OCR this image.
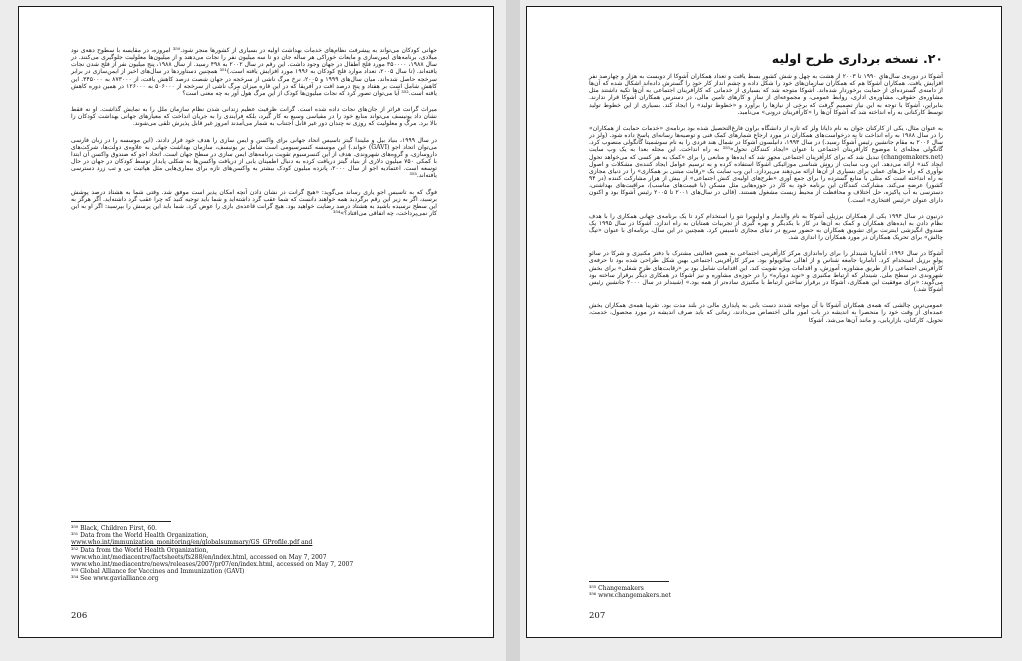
جهانی کودکان می‌تواند به پیشرفت نظام‌های خدمات بهداشت اولیه در بسیاری از کشورها منجر شود.³⁵⁰ امروزه، در مقایسه با سطوح دهه‌ی نود میلادی، برنامه‌های ایمن‌سازی و مایعات خوراکی هر ساله جان دو تا سه میلیون نفر را نجات می‌دهند و از میلیون‌ها معلولیت جلوگیری می‌کنند. در سال ۱۹۸۸، ۳۵۰۰۰۰ مورد فلج اطفال در جهان وجود داشت. این رقم در سال ۲۰۰۲ به ۴۹۸ رسید. از سال ۱۹۸۸، پنج میلیون نفر از فلج شدن نجات یافته‌اند. (تا سال ۲۰۰۵، تعداد موارد فلج کودکان به ۱۹۹۶ مورد افزایش یافته است.)³⁵¹ همچنین دستاوردها در سال‌های اخیر از ایمن‌سازی در برابر سرخجه حاصل شده‌اند. میان سال‌های ۱۹۹۹ و ۲۰۰۵، نرخ مرگ ناشی از سرخجه در جهان شصت درصد کاهش یافت، از ۸۷۳۰۰۰ به ۳۴۵۰۰۰. این کاهش شامل است بر هفتاد و پنج درصد افت در آفریقا که در این قاره میزان مرگ ناشی از سرخجه از ۵۰۶۰۰۰ به ۱۲۶۰۰۰ در همین دوره کاهش یافته است.³⁵² آیا می‌توان تصور کرد که نجات میلیون‌ها کودک از این مرگ هول آور به چه معنی است؟

میراث گرانت فراتر از جان‌های نجات داده شده است. گرانت ظرفیت عظیم زندانی شدن نظام سازمان ملل را به نمایش گذاشت. او نه فقط نشان داد یونیسف می‌تواند منابع خود را در مقیاسی وسیع به کار گیرد، بلکه فرایندی را به جریان انداخت که معیارهای جهانی بهداشت کودکان را بالا برد. مرگ و معلولیت که روزی نه چندان دور غیر قابل اجتناب به شمار می‌آمدند امروز غیر قابل پذیرش تلقی می‌شوند.

در سال ۱۹۹۹، بنیاد بیل و ملیندا گیتز تاسیس اتحاد جهانی برای واکسن و ایمن سازی را هدف خود قرار دادند. (این موسسه را در زبان فارسی می‌توان اتحاد اجو (GAVI) خواند.) این موسسه کنسرسیومی است شامل بر یونیسف، سازمان بهداشت جهانی به علاوه‌ی دولت‌ها، شرکت‌های داروسازی، و گروه‌های شهروندی. هدف از این کنسرسیوم تقویت برنامه‌های ایمن سازی در سطح جهان است. اتحاد اجو که صندوق واکسن آن ابتدا با کمکی ۷۵۰ میلیون دلاری از بنیاد گیتز دریافت کرده به دنبال اطمینان یابی از دریافت واکسن‌ها به شکلی پایدار توسط کودکان در جهان در حال توسعه است. اعتمادیه اجو از سال ۲۰۰۰، پانزده میلیون کودک بیشتر به واکسن‌های تازه برای بیماری‌هایی مثل هپاتیت بی و تب زرد دسترسی یافته‌اند.³⁵³

فوگ که به تاسیس اجو یاری رساند می‌گوید: «هیچ گرانت در نشان دادن آنچه امکان پذیر است موفق شد. وقتی شما به هشتاد درصد پوشش برسید، اگر به زیر این رقم برگردید همه خواهند دانست که شما عقب گرد داشته‌اید و شما باید توجیه کنید که چرا عقب گرد داشته‌اید. اگر هرگز به این سطح نرسیده باشید به هشتاد درصد رضایت خواهید بود. هیچ گرانت قاعده‌ی بازی را عوض کرد. شما باید این پرسش را بپرسید: اگر او به این کار نمی‌پرداخت، چه اتفاقی می‌افتاد؟»³⁵⁴

³⁵⁰ Black, Children First, 60.

³⁵¹ Data from the World Health Organization,

www.who.int/immunization_monitoring/en/globalsummary/GS_GProfile.pdf and

³⁵² Data from the World Health Organization,

www.who.int/mediacentre/factsheets/fs288/en/index.html, accessed on May 7, 2007

www.who.int/mediacentre/news/releases/2007/pr07/en/index.html, accessed on May 7, 2007

³⁵³ Global Alliance for Vaccines and Immunization (GAVI)

³⁵⁴ See www.gavialliance.org

206
۲۰. نسخه برداری طرح اولیه

آشوکا در دوره‌ی سال‌های ۱۹۹۰ تا ۲۰۰۳ از هشت به چهل و شش کشور بسط یافت و تعداد همکاران آشوکا از دویست به هزار و چهارصد نفر افزایش یافت. همکاران آشوکا هم که همکاران سازمان‌های خود را شکل داده و چشم انداز کار خود را گسترش داده‌اند اشکال شده که آن‌ها از دامنه‌ی گسترده‌ای از حمایت برخوردار شده‌اند. آشوکا متوجه شد که بسیاری از خدماتی که کارآفرینان اجتماعی به آن‌ها تکیه داشتند مثل مشاوره‌ی حقوقی، مشاوره‌ی اداری، روابط عمومی، و مجموعه‌ای از ساز و کارهای تامین مالی، در دسترس همکاران آشوکا قرار ندارند. بنابراین، آشوکا با توجه به این نیاز تصمیم گرفت که برخی از نیازها را برآورد و «خطوط تولید» را ایجاد کند. بسیاری از این خطوط تولید توسط کارکنانی به راه انداخته شد که آشوکا آن‌ها را «کارآفرینان درونی» می‌نامید.

به عنوان مثال، یکی از کارکنان جوان به نام دایانا ولز که تازه از دانشگاه براون فارغ‌التحصیل شده بود برنامه‌ی «خدمات حمایت از همکاران» را در سال ۱۹۸۸ به راه انداخت تا به درخواست‌های همکاران در مورد ارجاع شمارهای کمک فنی و توصیه‌ها رسانه‌ای پاسخ داده شود. (ولز در سال ۲۰۰۶ به مقام جانشین رئیس آشوکا رسید.) در سال ۱۹۹۳، دانیلسون آشوکا در شمال هند فردی را به نام سوشمیتا گانگولی منصوب کرد. گانگولی مجله‌ای با موضوع کارآفرینان اجتماعی با عنوان «ایجاد کنندگان تحول»³⁵⁵ به راه انداخت. این مجله بعدا به یک وب سایت (changemakers.net) تبدیل شد که برای کارآفرینان اجتماعی مجهز شد که ایده‌ها و منابعی را برای «کمک به هر کسی که می‌خواهد تحول ایجاد کند» ارائه می‌دهد. این وب سایت از روش شناسی موزائیکی آشوکا استفاده کرده و به ترسیم عوامل ایجاد کننده‌ی مشکلات و اصول نوآوری که راه حل‌های عملی برای بسیاری از آن‌ها ارائه می‌دهند می‌پردازد. این وب سایت یک «رقابت مبتنی بر همکاری» را در دنیای مجازی به راه انداخته است که مثلی با منابع گسترده را برای جمع آوری «طرح‌های اولیه‌ی کنش اجتماعی» از بیش از هزار مشارکت کننده (در ۹۴ کشور) عرضه می‌کند. مشارکت کنندگان این برنامه خود به کار در حوزه‌هایی مثل مسکن (با قیمت‌های مناسب)، مراقبت‌های بهداشتی، دسترسی به آب پاکیزه، حل اختلاف و محافظت از محیط زیست مشغول هستند. (قالی در سال‌های ۲۰۰۱ تا ۲۰۰۵ رئیس آشوکا بود و اکنون دارای عنوان «رئیس افتخاری» است.)

درنیون در سال ۱۹۹۴ یکی از همکاران برزیلی آشوکا به نام والدمار و اولیویرا نتو را استخدام کرد تا یک برنامه‌ی جهانی همکاری را با هدف نظام دادن به ایده‌های همکاران و کمک به آن‌ها در کار با یکدیگر و بهره گیری از تجربیات همتایان به راه اندازد. آشوکا در سال ۱۹۹۵ یک صندوق انگیزشی اینترنت برای تشویق همکاران به حضور سریع در دنیای مجازی تاسیس کرد. همچنین در این سال، برنامه‌ای با عنوان «تیگ چالش» برای تحریک همکاران در مورد همکاران را اندازی شد.

آشوکا در سال ۱۹۹۶، آناماریا شیندلر را برای راه‌اندازی مرکز کارآفرینی اجتماعی به همین فعالیتی مشترک با دفتر مکنیزی و شرکا در سائو پولو برزیل استخدام کرد. آناماریا جامعه شناس و از اهالی سائوپولو بود. مرکز کارآفرینی اجتماعی بهین شکل طراحی شده بود تا حرفه‌ی کارآفرینی اجتماعی را از طریق مشاوره، آموزش، و اقدامات ویژه تقویت کند. این اقدامات شامل بود بر «رقابت‌های طرح شغلی» برای بخش شهروندی در سطح ملی. شیندلر که ارتباط مکنیزی و «نوید دوباره» را در حوزه‌ی مشاوره و نیز آشوکا در همکاری دیگر برقرار ساخته بود می‌گوید: «برای موفقیت این همکاری، آشوکا در برقرار ساختن ارتباط با مکنیزی ساده‌تر از همه بود.» (شیندلر در سال ۲۰۰۰ جانشین رئیس آشوکا شد.)

عمومی‌ترین چالشی که همه‌ی همکاران آشوکا با آن مواجه شدند دست یابی به پایداری مالی در بلند مدت بود. تقریبا همه‌ی همکاران بخش عمده‌ای از وقت خود را منحصرا به اندیشه در باب امور مالی اختصاص می‌دادند، زمانی که باید صرف اندیشه در مورد محصول، خدمت، تحویل، کارکنان، بازاریابی، و مانند آن‌ها می‌شد. آشوکا

³⁵⁵ Changemakers

³⁵⁶ www.changemakers.net

207
